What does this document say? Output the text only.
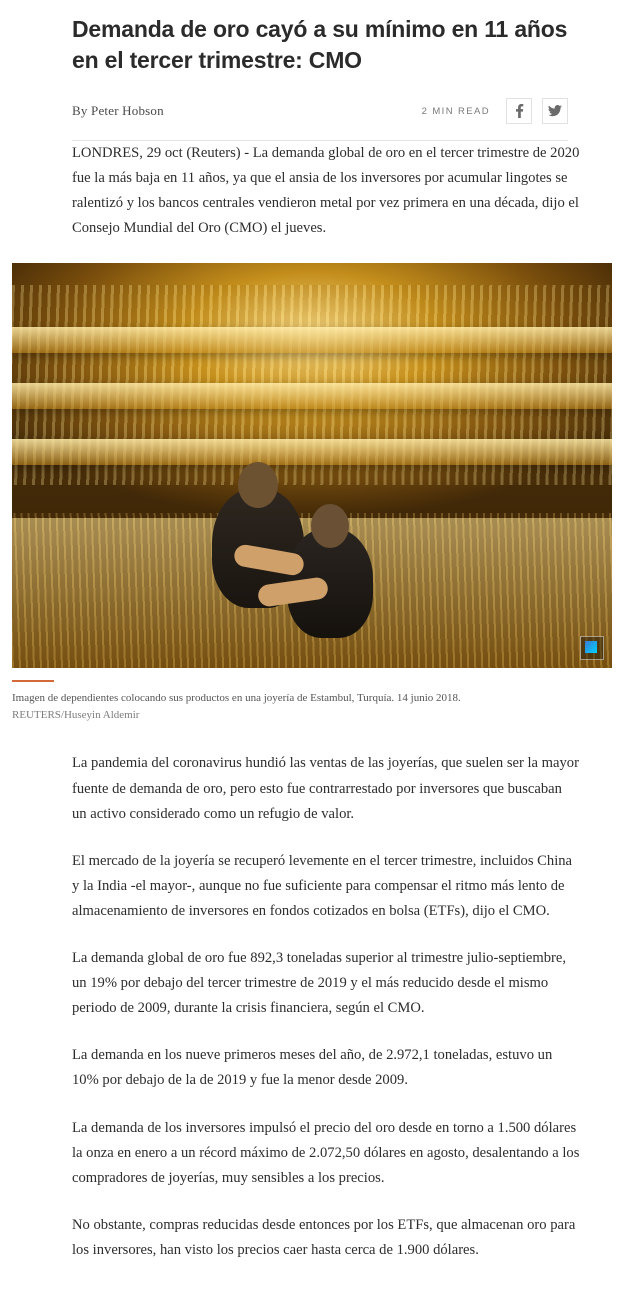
Demanda de oro cayó a su mínimo en 11 años en el tercer trimestre: CMO
By Peter Hobson	2 MIN READ

LONDRES, 29 oct (Reuters) - La demanda global de oro en el tercer trimestre de 2020 fue la más baja en 11 años, ya que el ansia de los inversores por acumular lingotes se ralentizó y los bancos centrales vendieron metal por vez primera en una década, dijo el Consejo Mundial del Oro (CMO) el jueves.

Imagen de dependientes colocando sus productos en una joyería de Estambul, Turquía. 14 junio 2018.

REUTERS/Huseyin Aldemir

La pandemia del coronavirus hundió las ventas de las joyerías, que suelen ser la mayor fuente de demanda de oro, pero esto fue contrarrestado por inversores que buscaban un activo considerado como un refugio de valor.

El mercado de la joyería se recuperó levemente en el tercer trimestre, incluidos China y la India -el mayor-, aunque no fue suficiente para compensar el ritmo más lento de almacenamiento de inversores en fondos cotizados en bolsa (ETFs), dijo el CMO.

La demanda global de oro fue 892,3 toneladas superior al trimestre julio-septiembre, un 19% por debajo del tercer trimestre de 2019 y el más reducido desde el mismo periodo de 2009, durante la crisis financiera, según el CMO.

La demanda en los nueve primeros meses del año, de 2.972,1 toneladas, estuvo un 10% por debajo de la de 2019 y fue la menor desde 2009.

La demanda de los inversores impulsó el precio del oro desde en torno a 1.500 dólares la onza en enero a un récord máximo de 2.072,50 dólares en agosto, desalentando a los compradores de joyerías, muy sensibles a los precios.

No obstante, compras reducidas desde entonces por los ETFs, que almacenan oro para los inversores, han visto los precios caer hasta cerca de 1.900 dólares.
